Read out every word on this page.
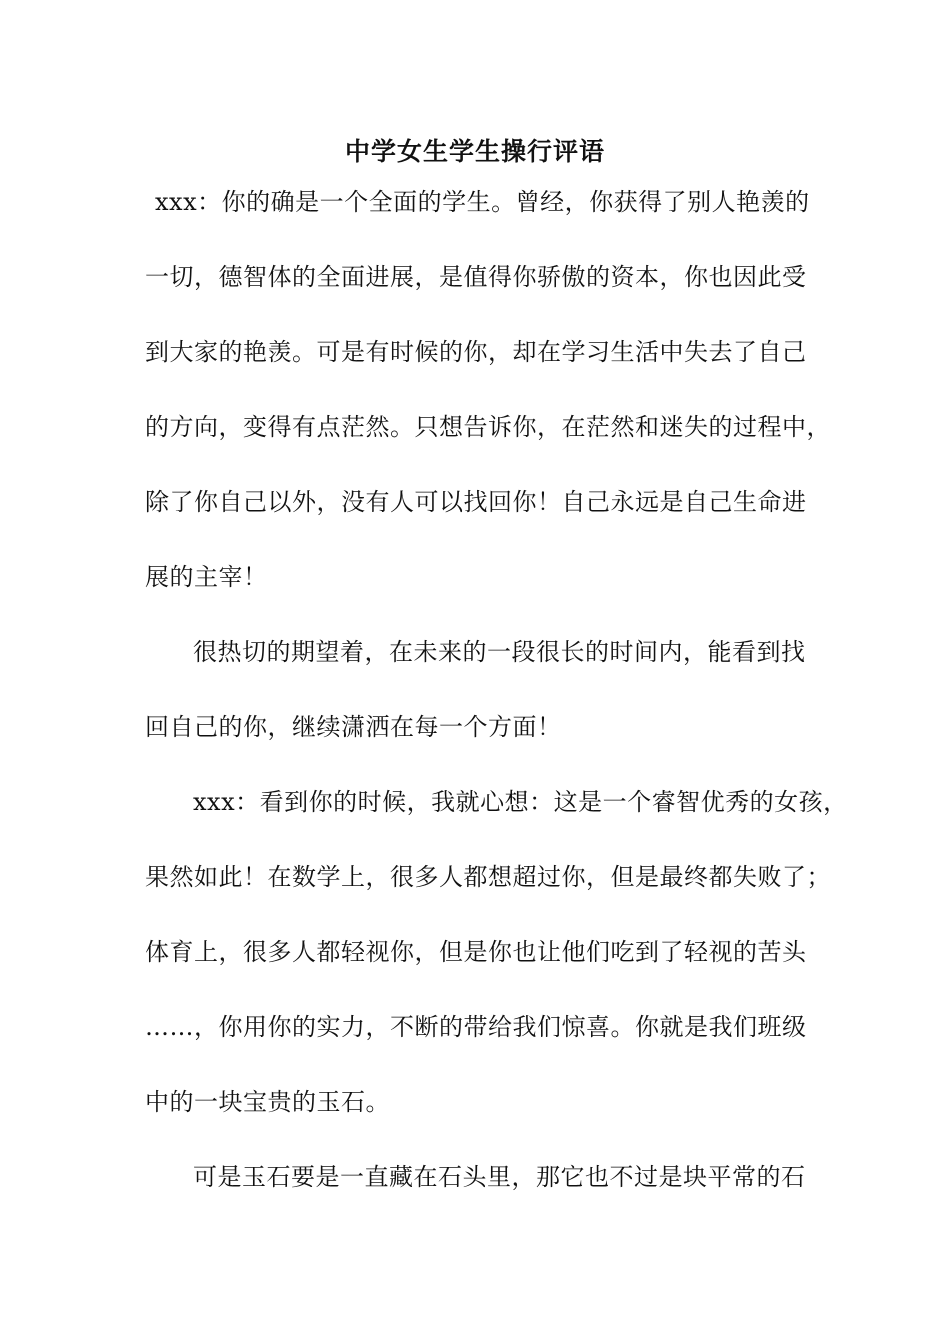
中学女生学生操行评语
xxx：你的确是一个全面的学生。曾经，你获得了别人艳羡的
一切，德智体的全面进展，是值得你骄傲的资本，你也因此受
到大家的艳羡。可是有时候的你，却在学习生活中失去了自己
的方向，变得有点茫然。只想告诉你，在茫然和迷失的过程中，
除了你自己以外，没有人可以找回你！自己永远是自己生命进
展的主宰！
很热切的期望着，在未来的一段很长的时间内，能看到找
回自己的你，继续潇洒在每一个方面！
xxx：看到你的时候，我就心想：这是一个睿智优秀的女孩，
果然如此！在数学上，很多人都想超过你，但是最终都失败了；
体育上，很多人都轻视你，但是你也让他们吃到了轻视的苦头
……，你用你的实力，不断的带给我们惊喜。你就是我们班级
中的一块宝贵的玉石。
可是玉石要是一直藏在石头里，那它也不过是块平常的石
